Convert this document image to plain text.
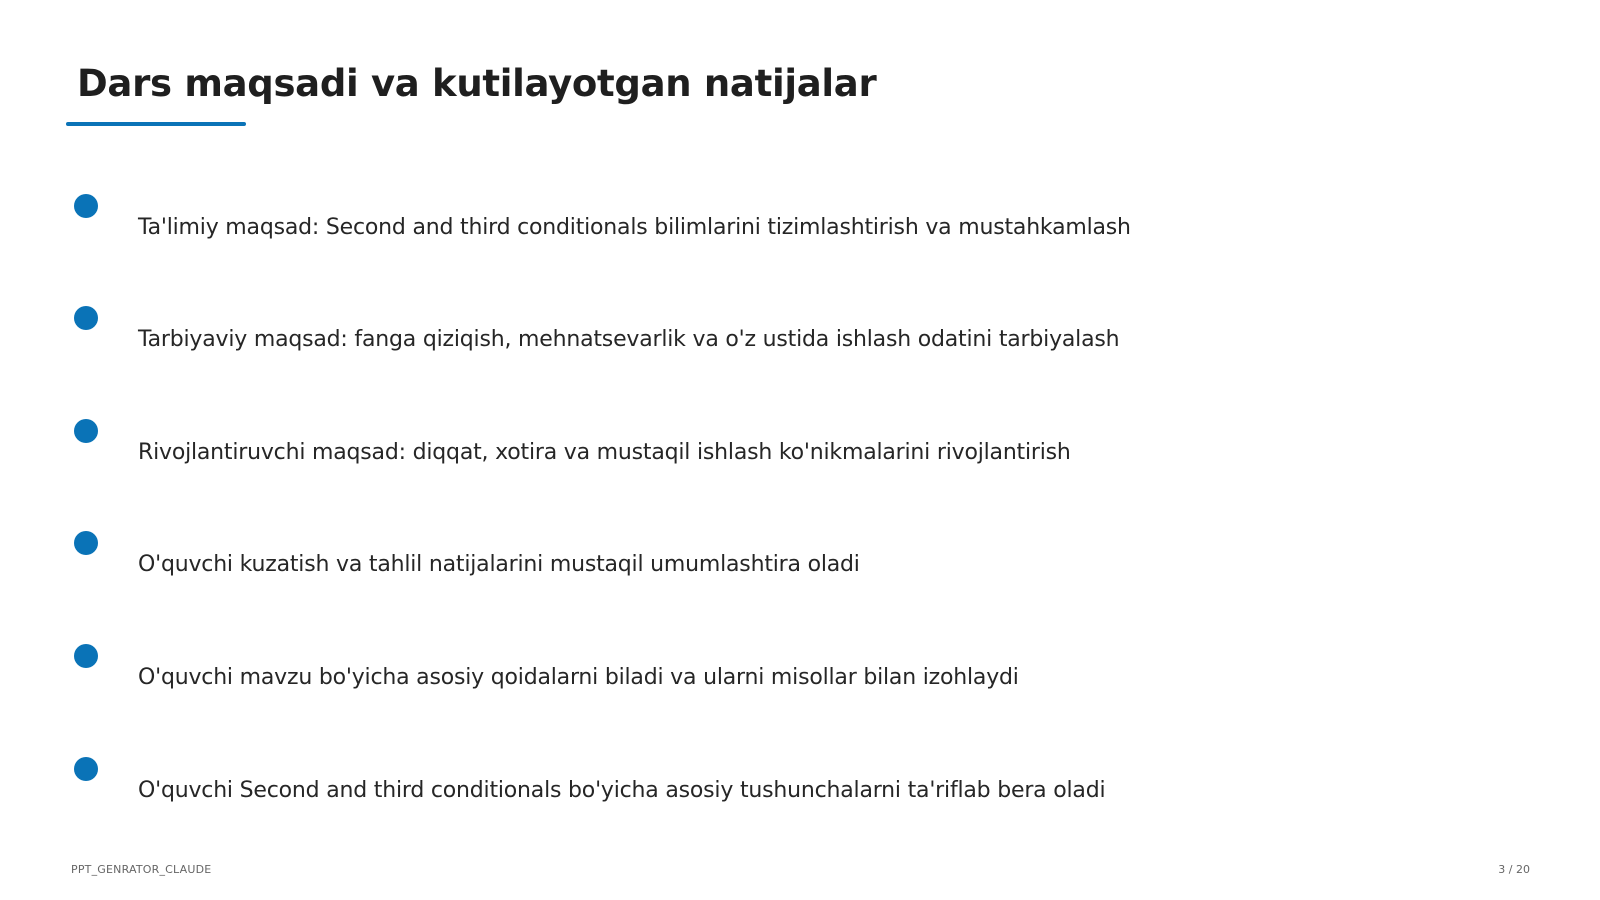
Dars maqsadi va kutilayotgan natijalar
Ta'limiy maqsad: Second and third conditionals bilimlarini tizimlashtirish va mustahkamlash
Tarbiyaviy maqsad: fanga qiziqish, mehnatsevarlik va o'z ustida ishlash odatini tarbiyalash
Rivojlantiruvchi maqsad: diqqat, xotira va mustaqil ishlash ko'nikmalarini rivojlantirish
O'quvchi kuzatish va tahlil natijalarini mustaqil umumlashtira oladi
O'quvchi mavzu bo'yicha asosiy qoidalarni biladi va ularni misollar bilan izohlaydi
O'quvchi Second and third conditionals bo'yicha asosiy tushunchalarni ta'riflab bera oladi
PPT_GENRATOR_CLAUDE	3 / 20
